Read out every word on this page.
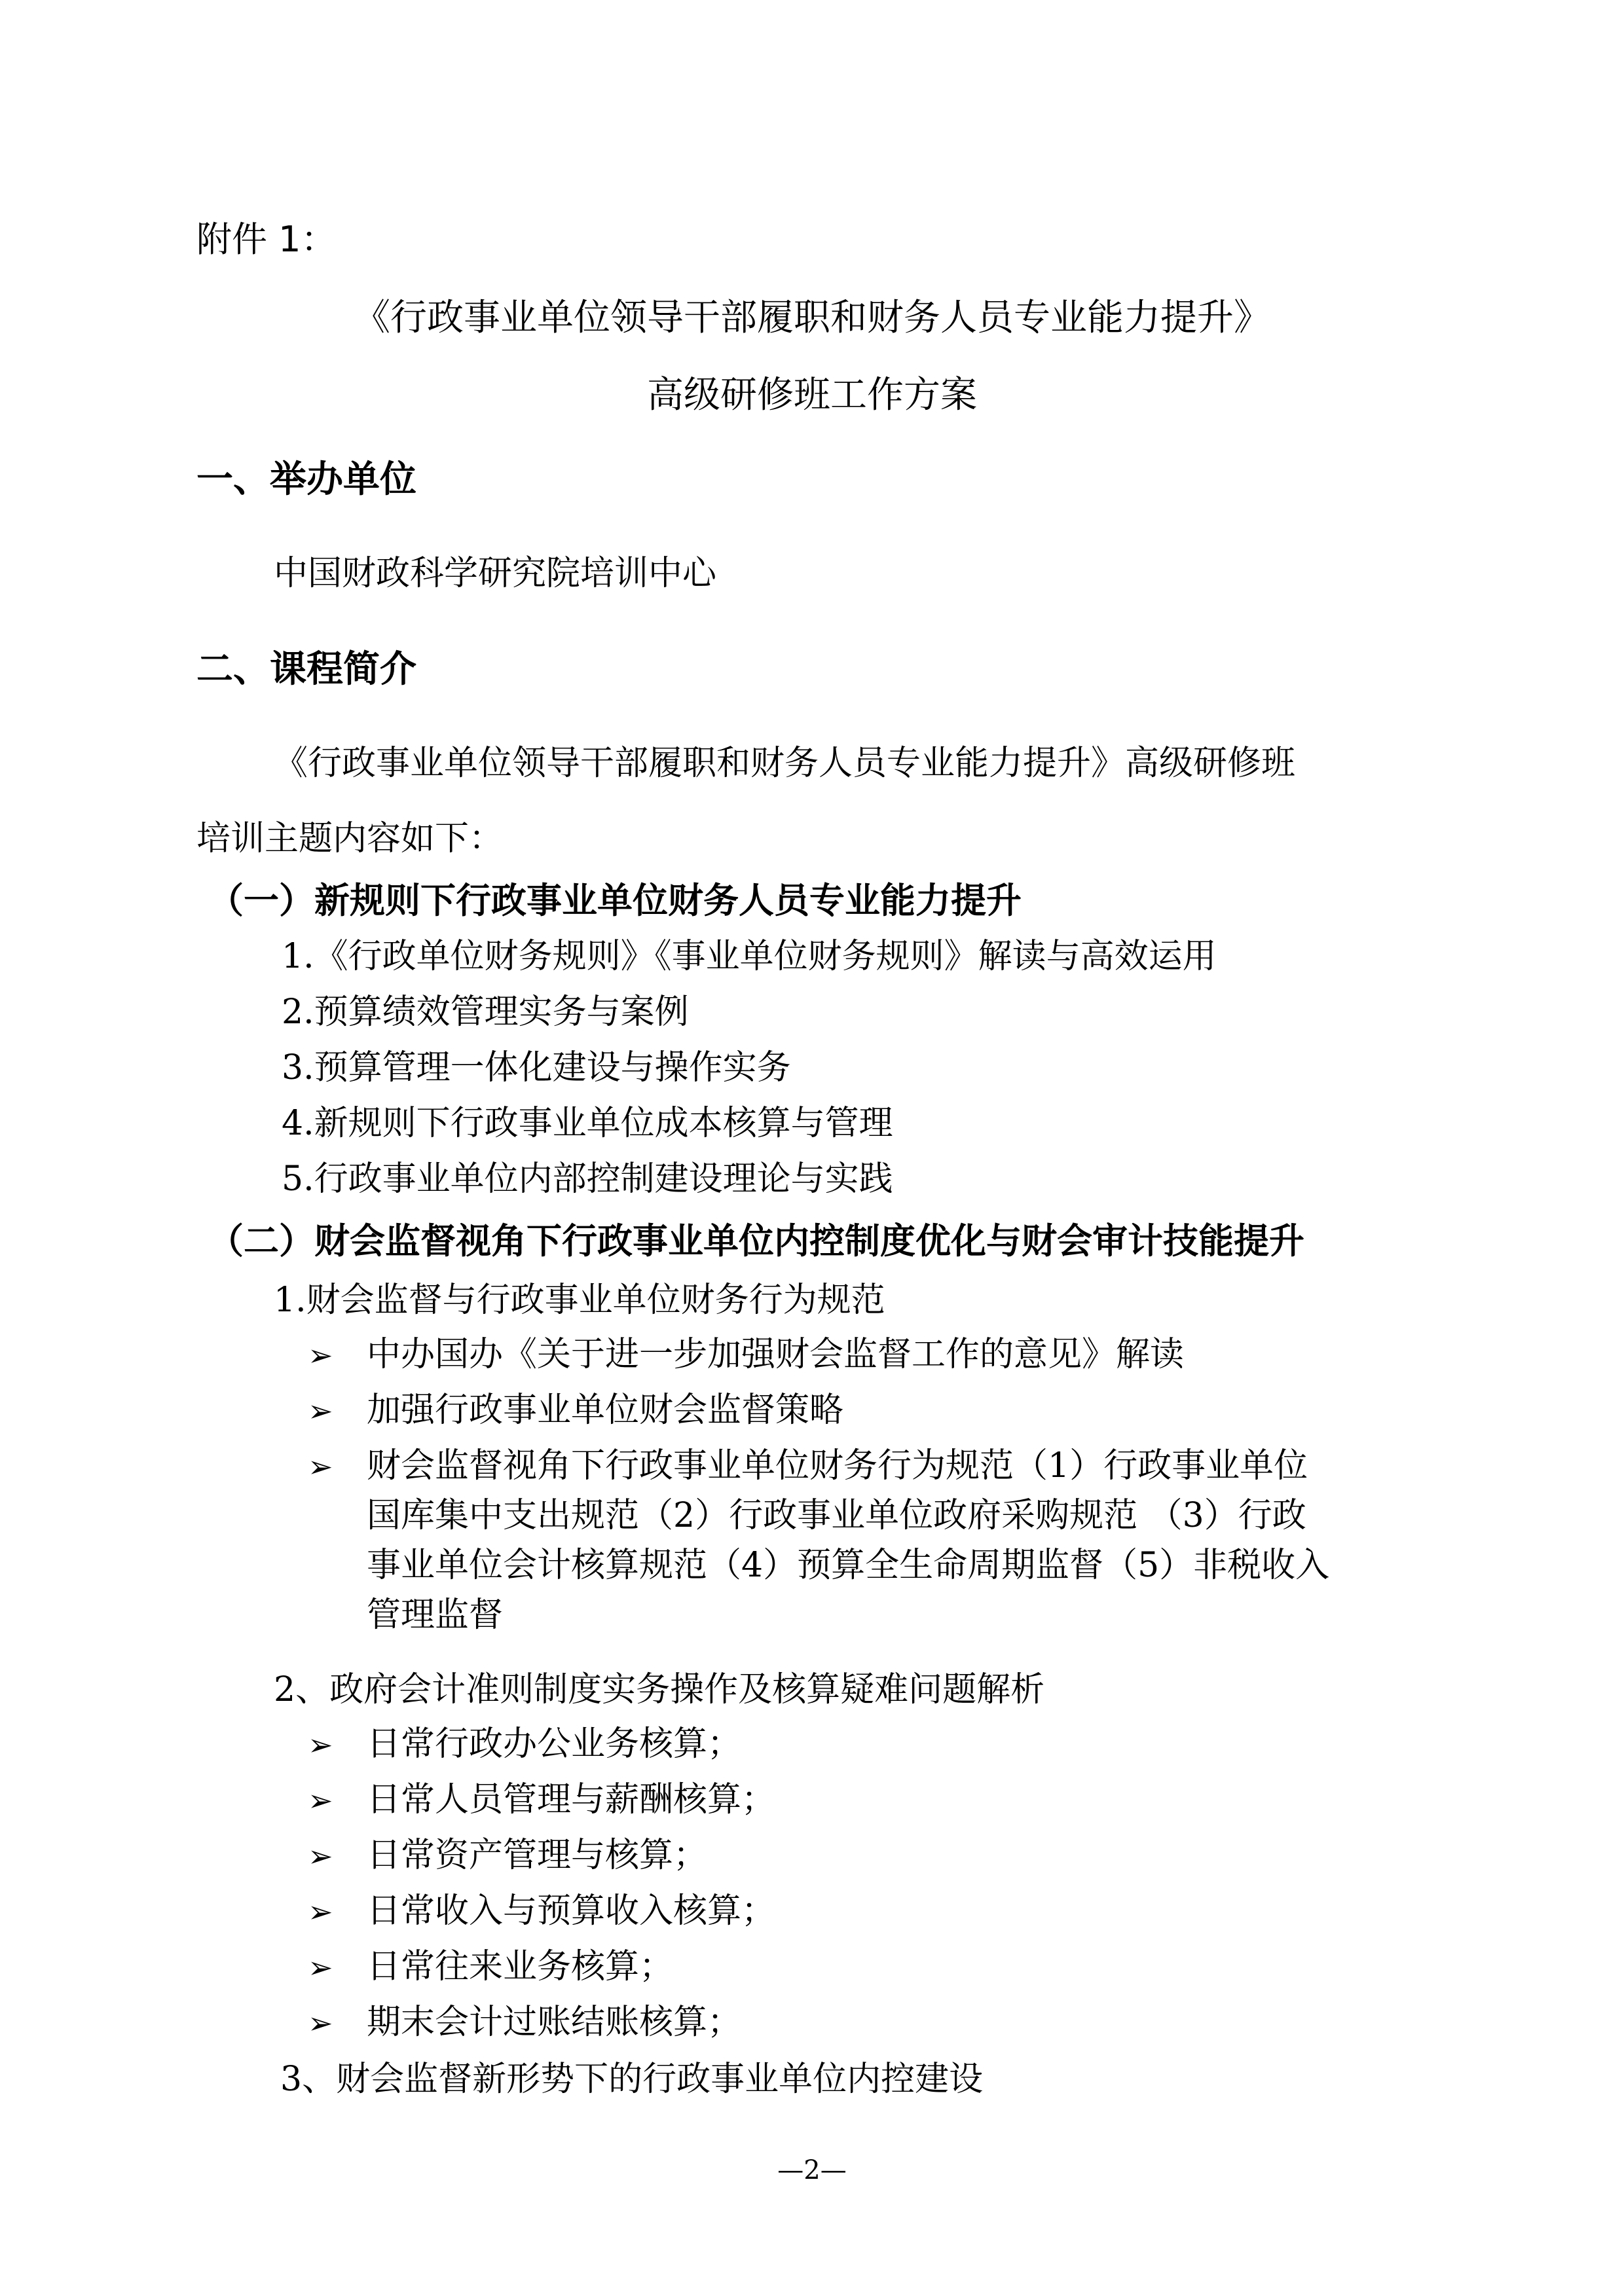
附件 1：

《行政事业单位领导干部履职和财务人员专业能力提升》

高级研修班工作方案

一、举办单位

中国财政科学研究院培训中心

二、课程简介

《行政事业单位领导干部履职和财务人员专业能力提升》高级研修班

培训主题内容如下：

（一）新规则下行政事业单位财务人员专业能力提升

1.《行政单位财务规则》《事业单位财务规则》解读与高效运用

2.预算绩效管理实务与案例

3.预算管理一体化建设与操作实务

4.新规则下行政事业单位成本核算与管理

5.行政事业单位内部控制建设理论与实践

（二）财会监督视角下行政事业单位内控制度优化与财会审计技能提升

1.财会监督与行政事业单位财务行为规范

➢ 中办国办《关于进一步加强财会监督工作的意见》解读
➢ 加强行政事业单位财会监督策略
➢ 财会监督视角下行政事业单位财务行为规范（1）行政事业单位
国库集中支出规范（2）行政事业单位政府采购规范 （3）行政
事业单位会计核算规范（4）预算全生命周期监督（5）非税收入
管理监督

2、政府会计准则制度实务操作及核算疑难问题解析

➢ 日常行政办公业务核算；
➢ 日常人员管理与薪酬核算；
➢ 日常资产管理与核算；
➢ 日常收入与预算收入核算；
➢ 日常往来业务核算；
➢ 期末会计过账结账核算；

3、财会监督新形势下的行政事业单位内控建设

—2—
